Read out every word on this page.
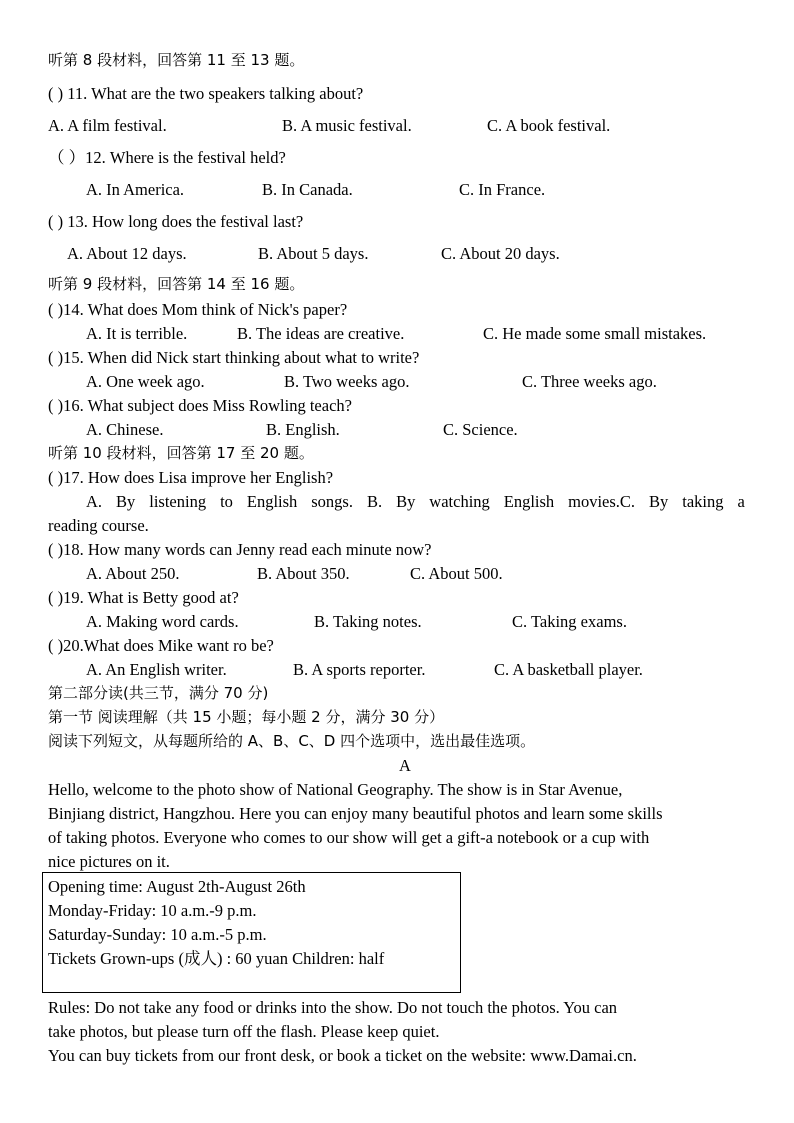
听第 8 段材料，回答第 11 至 13 题。
( ) 11. What are the two speakers talking about?
A. A film festival.	B. A music festival.	C. A book festival.
（ ）12. Where is the festival held?
A. In America.	B. In Canada.	C. In France.
( ) 13. How long does the festival last?
A. About 12 days.	B. About 5 days.	C. About 20 days.
听第 9 段材料，回答第 14 至 16 题。
( )14. What does Mom think of Nick's paper?
A. It is terrible.	B. The ideas are creative.	C. He made some small mistakes.
( )15. When did Nick start thinking about what to write?
A. One week ago.	B. Two weeks ago.	C. Three weeks ago.
( )16. What subject does Miss Rowling teach?
A. Chinese.	B. English.	C. Science.
听第 10 段材料，回答第 17 至 20 题。
( )17. How does Lisa improve her English?
A. By listening to English songs. B. By watching English movies.C. By taking a
reading course.
( )18. How many words can Jenny read each minute now?
A. About 250.	B. About 350.	C. About 500.
( )19. What is Betty good at?
A. Making word cards.	B. Taking notes.	C. Taking exams.
( )20.What does Mike want ro be?
A. An English writer.	B. A sports reporter.	C. A basketball player.
第二部分读(共三节，满分 70 分)
第一节 阅读理解（共 15 小题；每小题 2 分，满分 30 分）
阅读下列短文，从每题所给的 A、B、C、D 四个选项中，选出最佳选项。
A
Hello, welcome to the photo show of National Geography. The show is in Star Avenue,
Binjiang district, Hangzhou. Here you can enjoy many beautiful photos and learn some skills
of taking photos. Everyone who comes to our show will get a gift-a notebook or a cup with
nice pictures on it.
Opening time: August 2th-August 26th
Monday-Friday: 10 a.m.-9 p.m.
Saturday-Sunday: 10 a.m.-5 p.m.
Tickets Grown-ups (成人) : 60 yuan Children: half
Rules: Do not take any food or drinks into the show. Do not touch the photos. You can
take photos, but please turn off the flash. Please keep quiet.
You can buy tickets from our front desk, or book a ticket on the website: www.Damai.cn.
